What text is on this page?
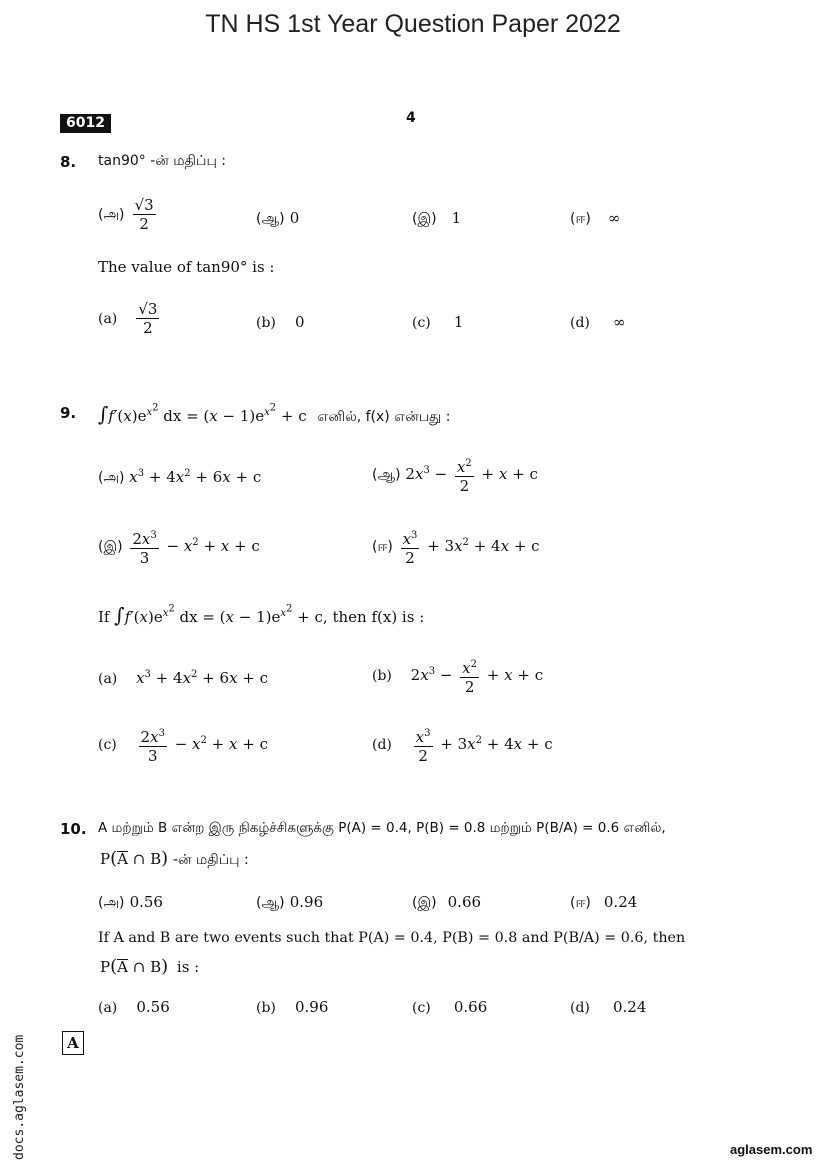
TN HS 1st Year Question Paper 2022
6012	4
8. tan90° -ன் மதிப்பு :
(அ) $\frac{√3}{2}$	(ஆ) 0	(இ) 1	(ஈ) ∞
The value of tan90° is :
$(a) \frac{√3}{2}$	(b) 0	(c) 1	(d) ∞
9. $\int f'(x)e^{x^2}$ dx = $(x - 1)e^{x^2} + c$ எனில், f(x) என்பது :
(அ) $x^3 + 4x^2 + 6x + c$	(ஆ) $2x^3 - \frac{x^2}{2} + x + c$
(இ) $\frac{2x^3}{3} - x^2 + x + c$	(ஈ) $\frac{x^3}{2} + 3x^2 + 4x + c$
If $\int f'(x)e^{x^2}$ dx = $(x - 1)e^{x^2} + c$, then f(x) is :
(a) $x^3 + 4x^2 + 6x + c$	(b) $2x^3 - \frac{x^2}{2} + x + c$
$(c) \frac{2x^3}{3} - x^2 + x + c$	$(d) \frac{x^3}{2} + 3x^2 + 4x + c$
10. A மற்றும் B என்ற இரு நிகழ்ச்சிகளுக்கு P(A) = 0.4, P(B) = 0.8 மற்றும் P(B/A) = 0.6 எனில்,
P(A ∩ B) -ன் மதிப்பு :
(அ) 0.56	(ஆ) 0.96	(இ) 0.66	(ஈ) 0.24
If A and B are two events such that P(A) = 0.4, P(B) = 0.8 and P(B/A) = 0.6, then
P(A ∩ B) is :
(a) 0.56	(b) 0.96	(c) 0.66	(d) 0.24
A
docs.aglasem.com	aglasem.com
